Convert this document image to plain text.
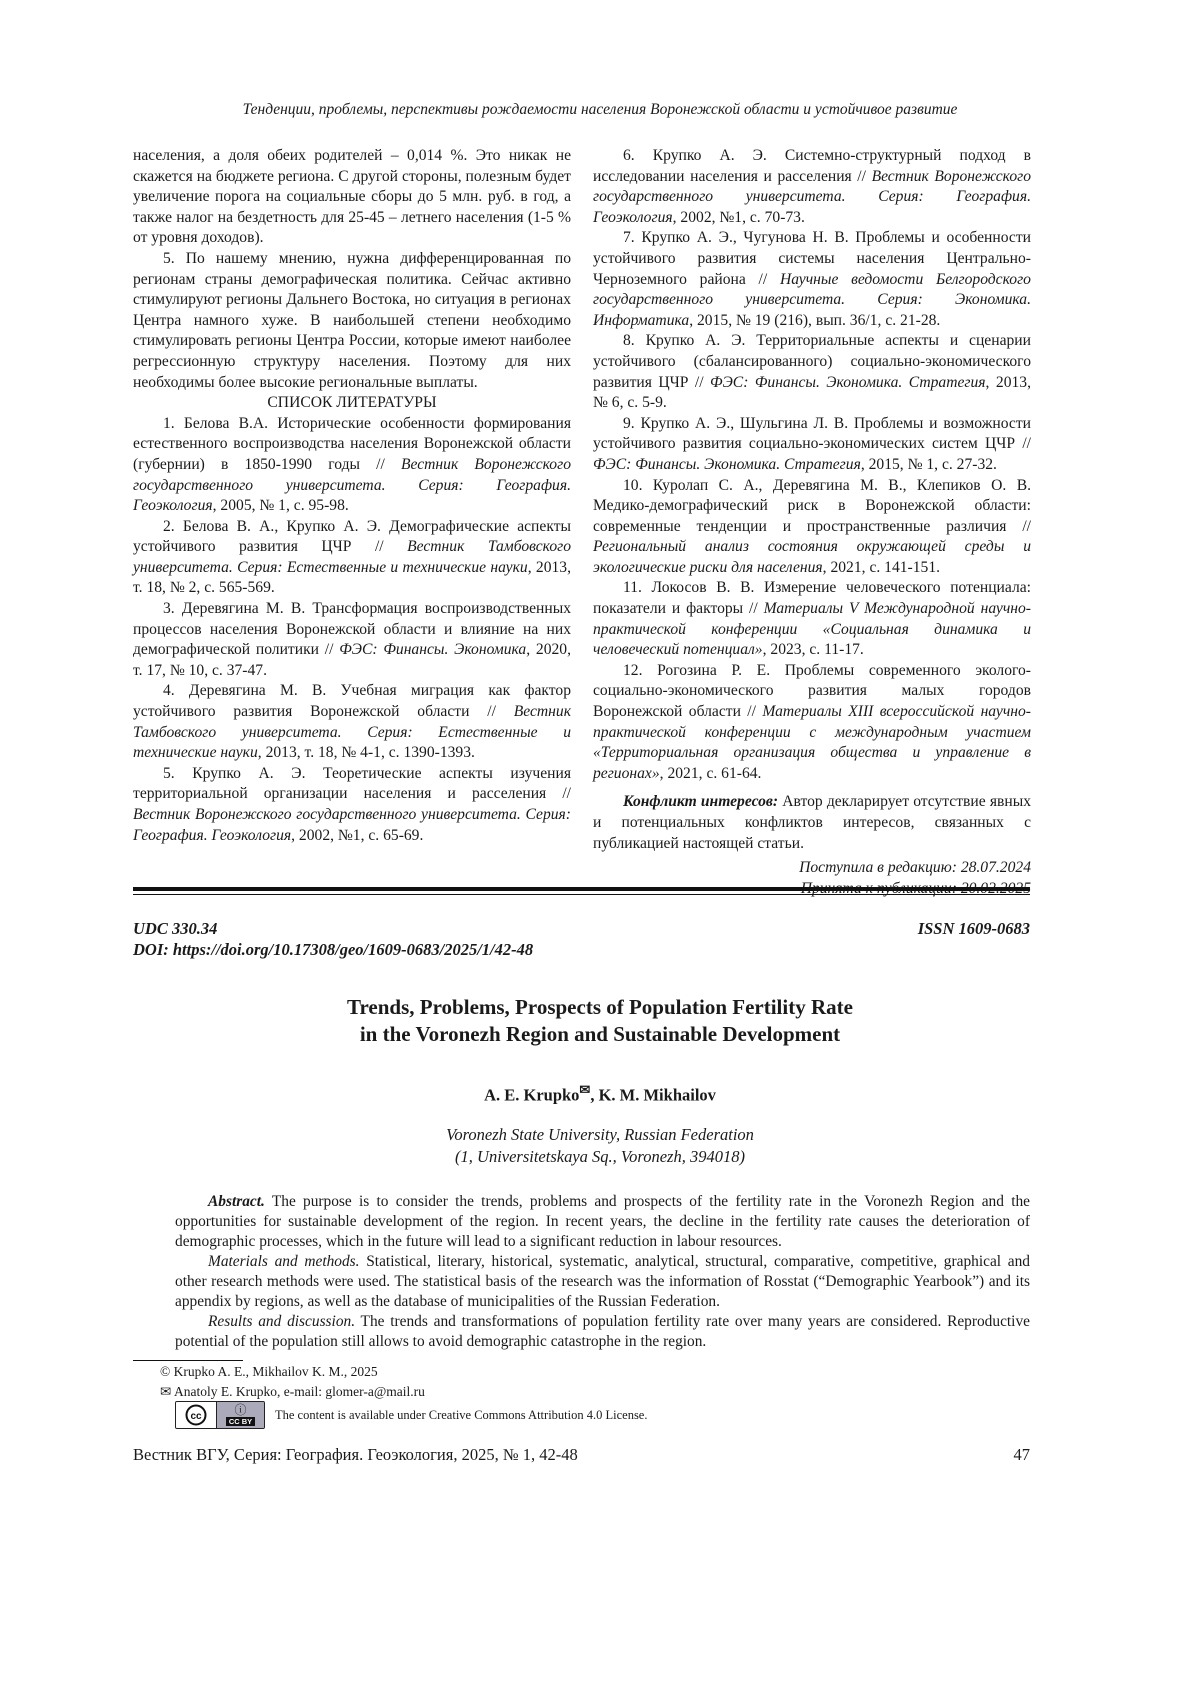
Тенденции, проблемы, перспективы рождаемости населения Воронежской области и устойчивое развитие

населения, а доля обеих родителей – 0,014 %. Это никак не скажется на бюджете региона. С другой стороны, полезным будет увеличение порога на социальные сборы до 5 млн. руб. в год, а также налог на бездетность для 25-45 – летнего населения (1-5 % от уровня доходов).

5. По нашему мнению, нужна дифференцированная по регионам страны демографическая политика. Сейчас активно стимулируют регионы Дальнего Востока, но ситуация в регионах Центра намного хуже. В наибольшей степени необходимо стимулировать регионы Центра России, которые имеют наиболее регрессионную структуру населения. Поэтому для них необходимы более высокие региональные выплаты.

СПИСОК ЛИТЕРАТУРЫ

1. Белова В.А. Исторические особенности формирования естественного воспроизводства населения Воронежской области (губернии) в 1850-1990 годы // Вестник Воронежского государственного университета. Серия: География. Геоэкология, 2005, № 1, с. 95-98.

2. Белова В. А., Крупко А. Э. Демографические аспекты устойчивого развития ЦЧР // Вестник Тамбовского университета. Серия: Естественные и технические науки, 2013, т. 18, № 2, с. 565-569.

3. Деревягина М. В. Трансформация воспроизводственных процессов населения Воронежской области и влияние на них демографической политики // ФЭС: Финансы. Экономика, 2020, т. 17, № 10, с. 37-47.

4. Деревягина М. В. Учебная миграция как фактор устойчивого развития Воронежской области // Вестник Тамбовского университета. Серия: Естественные и технические науки, 2013, т. 18, № 4-1, с. 1390-1393.

5. Крупко А. Э. Теоретические аспекты изучения территориальной организации населения и расселения // Вестник Воронежского государственного университета. Серия: География. Геоэкология, 2002, №1, с. 65-69.

6. Крупко А. Э. Системно-структурный подход в исследовании населения и расселения // Вестник Воронежского государственного университета. Серия: География. Геоэкология, 2002, №1, с. 70-73.

7. Крупко А. Э., Чугунова Н. В. Проблемы и особенности устойчивого развития системы населения Центрально-Черноземного района // Научные ведомости Белгородского государственного университета. Серия: Экономика. Информатика, 2015, № 19 (216), вып. 36/1, с. 21-28.

8. Крупко А. Э. Территориальные аспекты и сценарии устойчивого (сбалансированного) социально-экономического развития ЦЧР // ФЭС: Финансы. Экономика. Стратегия, 2013, № 6, с. 5-9.

9. Крупко А. Э., Шульгина Л. В. Проблемы и возможности устойчивого развития социально-экономических систем ЦЧР // ФЭС: Финансы. Экономика. Стратегия, 2015, № 1, с. 27-32.

10. Куролап С. А., Деревягина М. В., Клепиков О. В. Медико-демографический риск в Воронежской области: современные тенденции и пространственные различия // Региональный анализ состояния окружающей среды и экологические риски для населения, 2021, с. 141-151.

11. Локосов В. В. Измерение человеческого потенциала: показатели и факторы // Материалы V Международной научно-практической конференции «Социальная динамика и человеческий потенциал», 2023, с. 11-17.

12. Рогозина Р. Е. Проблемы современного эколого-социально-экономического развития малых городов Воронежской области // Материалы XIII всероссийской научно-практической конференции с международным участием «Территориальная организация общества и управление в регионах», 2021, с. 61-64.

Конфликт интересов: Автор декларирует отсутствие явных и потенциальных конфликтов интересов, связанных с публикацией настоящей статьи.

Поступила в редакцию: 28.07.2024

UDC 330.34
DOI: https://doi.org/10.17308/geo/1609-0683/2025/1/42-48
ISSN 1609-0683
Trends, Problems, Prospects of Population Fertility Rate
in the Voronezh Region and Sustainable Development
A. E. Krupko✉, K. M. Mikhailov
Voronezh State University, Russian Federation
(1, Universitetskaya Sq., Voronezh, 394018)

Abstract. The purpose is to consider the trends, problems and prospects of the fertility rate in the Voronezh Region and the opportunities for sustainable development of the region. In recent years, the decline in the fertility rate causes the deterioration of demographic processes, which in the future will lead to a significant reduction in labour resources.

Materials and methods. Statistical, literary, historical, systematic, analytical, structural, comparative, competitive, graphical and other research methods were used. The statistical basis of the research was the information of Rosstat (“Demographic Yearbook”) and its appendix by regions, as well as the database of municipalities of the Russian Federation.

Results and discussion. The trends and transformations of population fertility rate over many years are considered. Reproductive potential of the population still allows to avoid demographic catastrophe in the region.

© Krupko A. E., Mikhailov K. M., 2025
✉ Anatoly E. Krupko, e-mail: glomer-a@mail.ru
cc	ⓘ
CC BY The content is available under Creative Commons Attribution 4.0 License.
Вестник ВГУ, Серия: География. Геоэкология, 2025, № 1, 42-48	47
